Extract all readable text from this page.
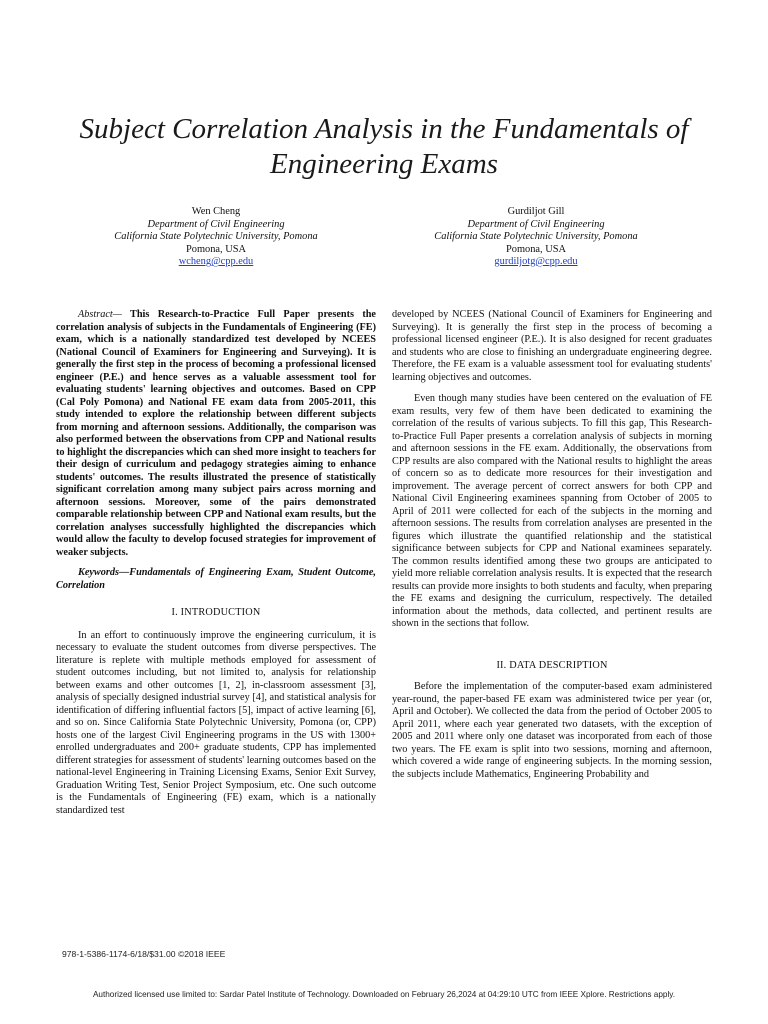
Subject Correlation Analysis in the Fundamentals of
Engineering Exams
Wen Cheng
Department of Civil Engineering
California State Polytechnic University, Pomona
Pomona, USA
wcheng@cpp.edu
Gurdiljot Gill
Department of Civil Engineering
California State Polytechnic University, Pomona
Pomona, USA
gurdiljotg@cpp.edu

Abstract— This Research-to-Practice Full Paper presents the correlation analysis of subjects in the Fundamentals of Engineering (FE) exam, which is a nationally standardized test developed by NCEES (National Council of Examiners for Engineering and Surveying). It is generally the first step in the process of becoming a professional licensed engineer (P.E.) and hence serves as a valuable assessment tool for evaluating students' learning objectives and outcomes. Based on CPP (Cal Poly Pomona) and National FE exam data from 2005-2011, this study intended to explore the relationship between different subjects from morning and afternoon sessions. Additionally, the comparison was also performed between the observations from CPP and National results to highlight the discrepancies which can shed more insight to teachers for their design of curriculum and pedagogy strategies aiming to enhance students' outcomes. The results illustrated the presence of statistically significant correlation among many subject pairs across morning and afternoon sessions. Moreover, some of the pairs demonstrated comparable relationship between CPP and National exam results, but the correlation analyses successfully highlighted the discrepancies which would allow the faculty to develop focused strategies for improvement of weaker subjects.

Keywords—Fundamentals of Engineering Exam, Student Outcome, Correlation

I. INTRODUCTION

In an effort to continuously improve the engineering curriculum, it is necessary to evaluate the student outcomes from diverse perspectives. The literature is replete with multiple methods employed for assessment of student outcomes including, but not limited to, analysis for relationship between exams and other outcomes [1, 2], in-classroom assessment [3], analysis of specially designed industrial survey [4], and statistical analysis for identification of differing influential factors [5], impact of active learning [6], and so on. Since California State Polytechnic University, Pomona (or, CPP) hosts one of the largest Civil Engineering programs in the US with 1300+ enrolled undergraduates and 200+ graduate students, CPP has implemented different strategies for assessment of students' learning outcomes based on the national-level Engineering in Training Licensing Exams, Senior Exit Survey, Graduation Writing Test, Senior Project Symposium, etc. One such outcome is the Fundamentals of Engineering (FE) exam, which is a nationally standardized test

developed by NCEES (National Council of Examiners for Engineering and Surveying). It is generally the first step in the process of becoming a professional licensed engineer (P.E.). It is also designed for recent graduates and students who are close to finishing an undergraduate engineering degree. Therefore, the FE exam is a valuable assessment tool for evaluating students' learning objectives and outcomes.

Even though many studies have been centered on the evaluation of FE exam results, very few of them have been dedicated to examining the correlation of the results of various subjects. To fill this gap, This Research-to-Practice Full Paper presents a correlation analysis of subjects in morning and afternoon sessions in the FE exam. Additionally, the observations from CPP results are also compared with the National results to highlight the areas of concern so as to dedicate more resources for their investigation and improvement. The average percent of correct answers for both CPP and National Civil Engineering examinees spanning from October of 2005 to April of 2011 were collected for each of the subjects in the morning and afternoon sessions. The results from correlation analyses are presented in the figures which illustrate the quantified relationship and the statistical significance between subjects for CPP and National examinees separately. The common results identified among these two groups are anticipated to yield more reliable correlation analysis results. It is expected that the research results can provide more insights to both students and faculty, when preparing the FE exams and designing the curriculum, respectively. The detailed information about the methods, data collected, and pertinent results are shown in the sections that follow.

II. DATA DESCRIPTION

Before the implementation of the computer-based exam administered year-round, the paper-based FE exam was administered twice per year (or, April and October). We collected the data from the period of October 2005 to April 2011, where each year generated two datasets, with the exception of 2005 and 2011 where only one dataset was incorporated from each of those two years. The FE exam is split into two sessions, morning and afternoon, which covered a wide range of engineering subjects. In the morning session, the subjects include Mathematics, Engineering Probability and

978-1-5386-1174-6/18/$31.00 ©2018 IEEE
Authorized licensed use limited to: Sardar Patel Institute of Technology. Downloaded on February 26,2024 at 04:29:10 UTC from IEEE Xplore. Restrictions apply.
